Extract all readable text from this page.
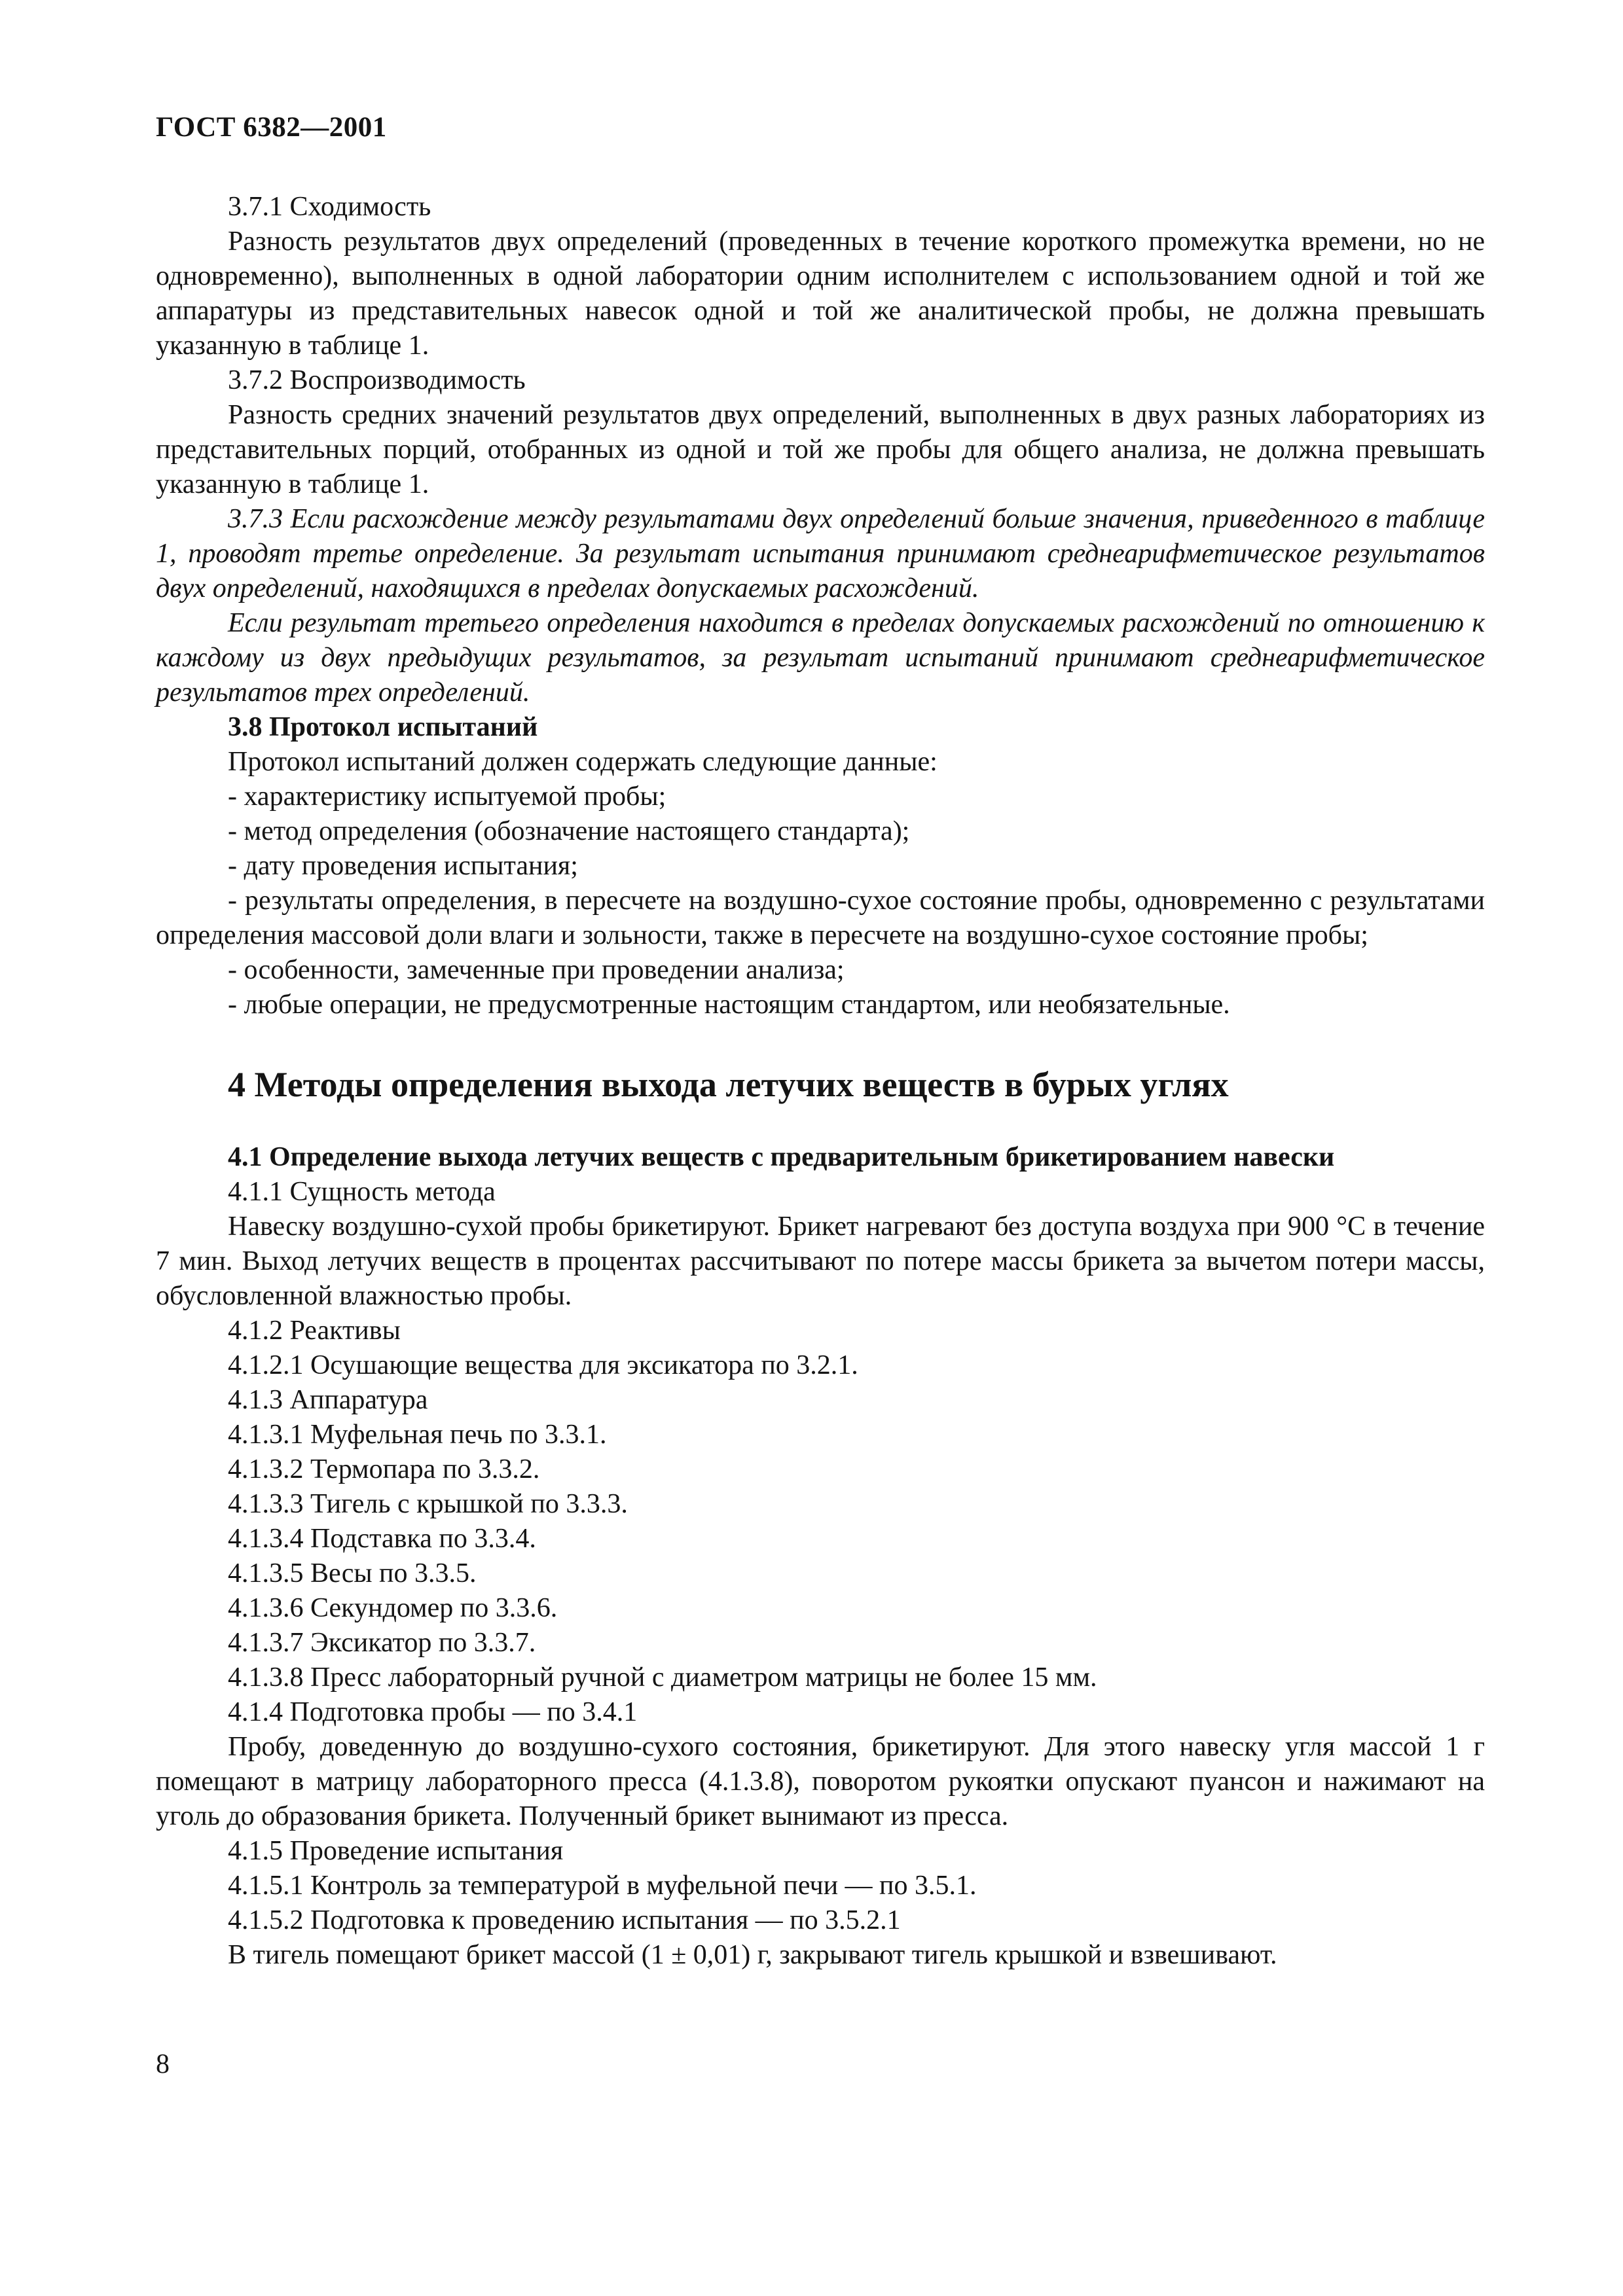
ГОСТ 6382—2001

3.7.1 Сходимость

Разность результатов двух определений (проведенных в течение короткого промежутка времени, но не одновременно), выполненных в одной лаборатории одним исполнителем с использованием одной и той же аппаратуры из представительных навесок одной и той же аналитической пробы, не должна превышать указанную в таблице 1.

3.7.2 Воспроизводимость

Разность средних значений результатов двух определений, выполненных в двух разных лабораториях из представительных порций, отобранных из одной и той же пробы для общего анализа, не должна превышать указанную в таблице 1.

3.7.3 Если расхождение между результатами двух определений больше значения, приведенного в таблице 1, проводят третье определение. За результат испытания принимают среднеарифметическое результатов двух определений, находящихся в пределах допускаемых расхождений.

Если результат третьего определения находится в пределах допускаемых расхождений по отношению к каждому из двух предыдущих результатов, за результат испытаний принимают среднеарифметическое результатов трех определений.

3.8 Протокол испытаний

Протокол испытаний должен содержать следующие данные:

- характеристику испытуемой пробы;

- метод определения (обозначение настоящего стандарта);

- дату проведения испытания;

- результаты определения, в пересчете на воздушно-сухое состояние пробы, одновременно с результатами определения массовой доли влаги и зольности, также в пересчете на воздушно-сухое состояние пробы;

- особенности, замеченные при проведении анализа;

- любые операции, не предусмотренные настоящим стандартом, или необязательные.

4 Методы определения выхода летучих веществ в бурых углях

4.1 Определение выхода летучих веществ с предварительным брикетированием навески

4.1.1 Сущность метода

Навеску воздушно-сухой пробы брикетируют. Брикет нагревают без доступа воздуха при 900 °С в течение 7 мин. Выход летучих веществ в процентах рассчитывают по потере массы брикета за вычетом потери массы, обусловленной влажностью пробы.

4.1.2 Реактивы

4.1.2.1 Осушающие вещества для эксикатора по 3.2.1.

4.1.3 Аппаратура

4.1.3.1 Муфельная печь по 3.3.1.

4.1.3.2 Термопара по 3.3.2.

4.1.3.3 Тигель с крышкой по 3.3.3.

4.1.3.4 Подставка по 3.3.4.

4.1.3.5 Весы по 3.3.5.

4.1.3.6 Секундомер по 3.3.6.

4.1.3.7 Эксикатор по 3.3.7.

4.1.3.8 Пресс лабораторный ручной с диаметром матрицы не более 15 мм.

4.1.4 Подготовка пробы — по 3.4.1

Пробу, доведенную до воздушно-сухого состояния, брикетируют. Для этого навеску угля массой 1 г помещают в матрицу лабораторного пресса (4.1.3.8), поворотом рукоятки опускают пуансон и нажимают на уголь до образования брикета. Полученный брикет вынимают из пресса.

4.1.5 Проведение испытания

4.1.5.1 Контроль за температурой в муфельной печи — по 3.5.1.

4.1.5.2 Подготовка к проведению испытания — по 3.5.2.1

В тигель помещают брикет массой (1 ± 0,01) г, закрывают тигель крышкой и взвешивают.

8
